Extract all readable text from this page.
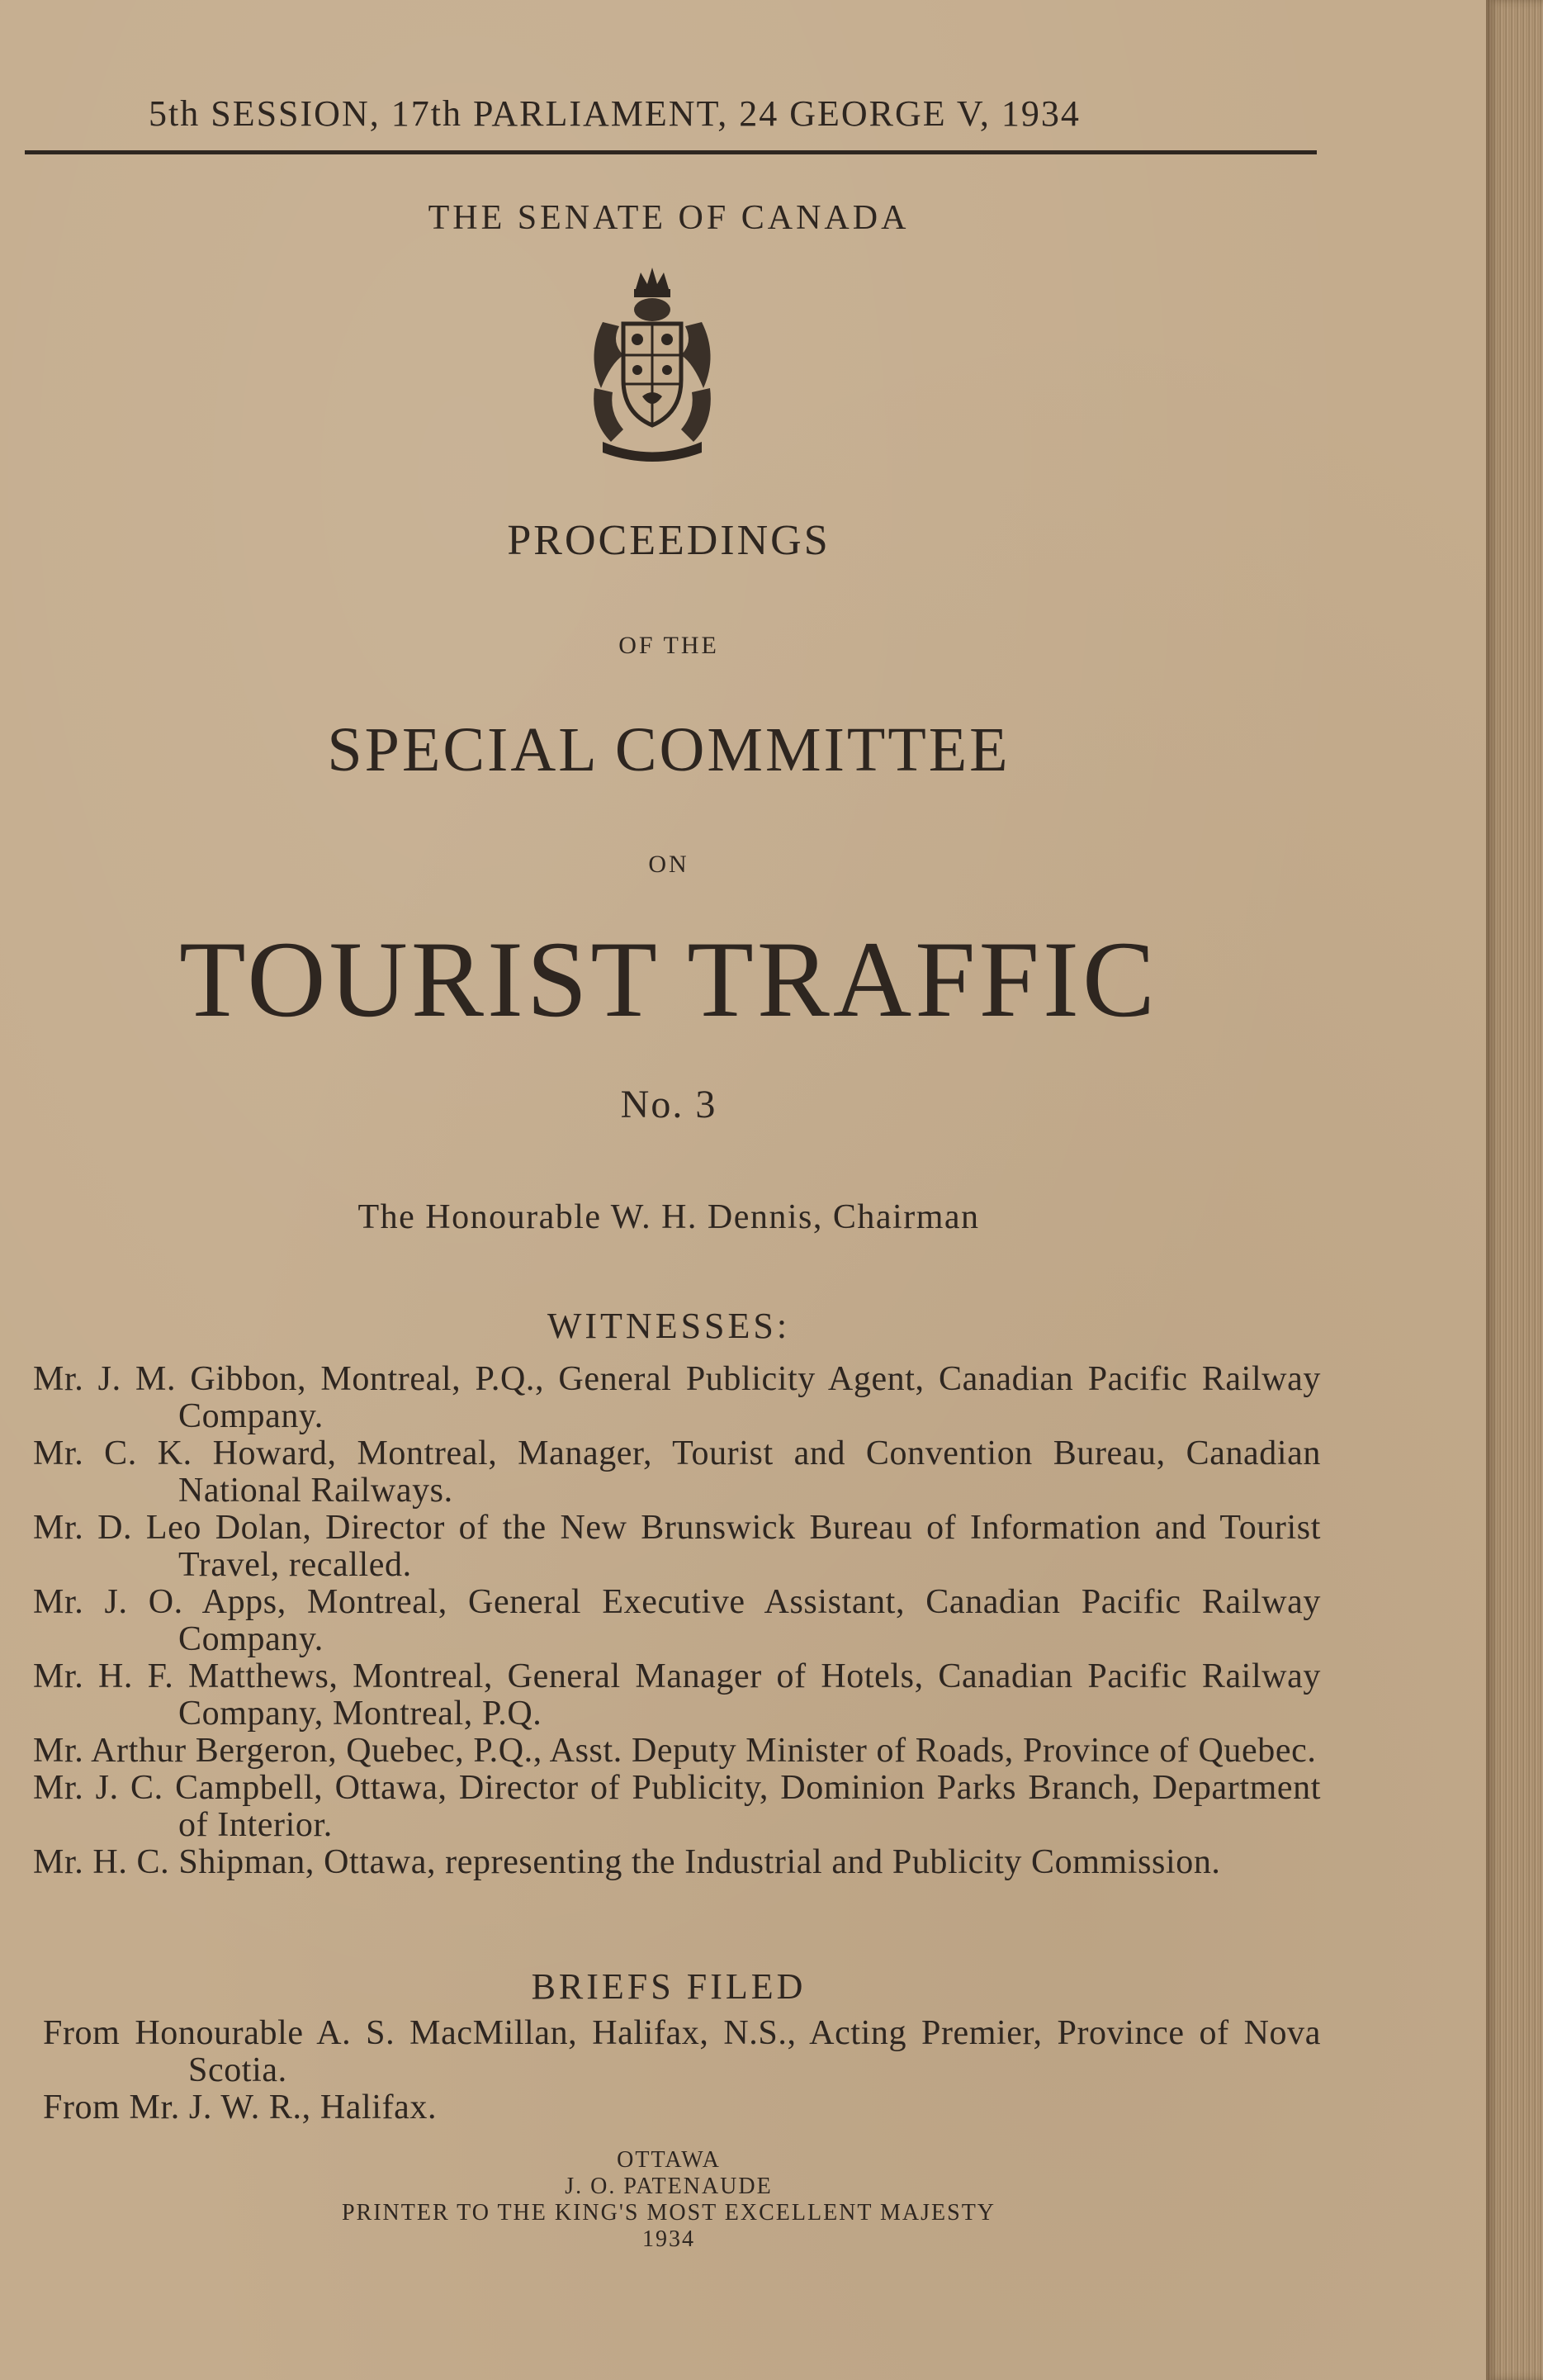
5th SESSION, 17th PARLIAMENT, 24 GEORGE V, 1934
THE SENATE OF CANADA
PROCEEDINGS
OF THE
SPECIAL COMMITTEE
ON
TOURIST TRAFFIC
No. 3
The Honourable W. H. Dennis, Chairman
WITNESSES:
Mr. J. M. Gibbon, Montreal, P.Q., General Publicity Agent, Canadian Pacific Railway Company.
Mr. C. K. Howard, Montreal, Manager, Tourist and Convention Bureau, Canadian National Railways.
Mr. D. Leo Dolan, Director of the New Brunswick Bureau of Information and Tourist Travel, recalled.
Mr. J. O. Apps, Montreal, General Executive Assistant, Canadian Pacific Railway Company.
Mr. H. F. Matthews, Montreal, General Manager of Hotels, Canadian Pacific Railway Company, Montreal, P.Q.
Mr. Arthur Bergeron, Quebec, P.Q., Asst. Deputy Minister of Roads, Province of Quebec.
Mr. J. C. Campbell, Ottawa, Director of Publicity, Dominion Parks Branch, Department of Interior.
Mr. H. C. Shipman, Ottawa, representing the Industrial and Publicity Commission.
BRIEFS FILED
From Honourable A. S. MacMillan, Halifax, N.S., Acting Premier, Province of Nova Scotia.
From Mr. J. W. R., Halifax.
OTTAWA
J. O. PATENAUDE
PRINTER TO THE KING'S MOST EXCELLENT MAJESTY
1934
